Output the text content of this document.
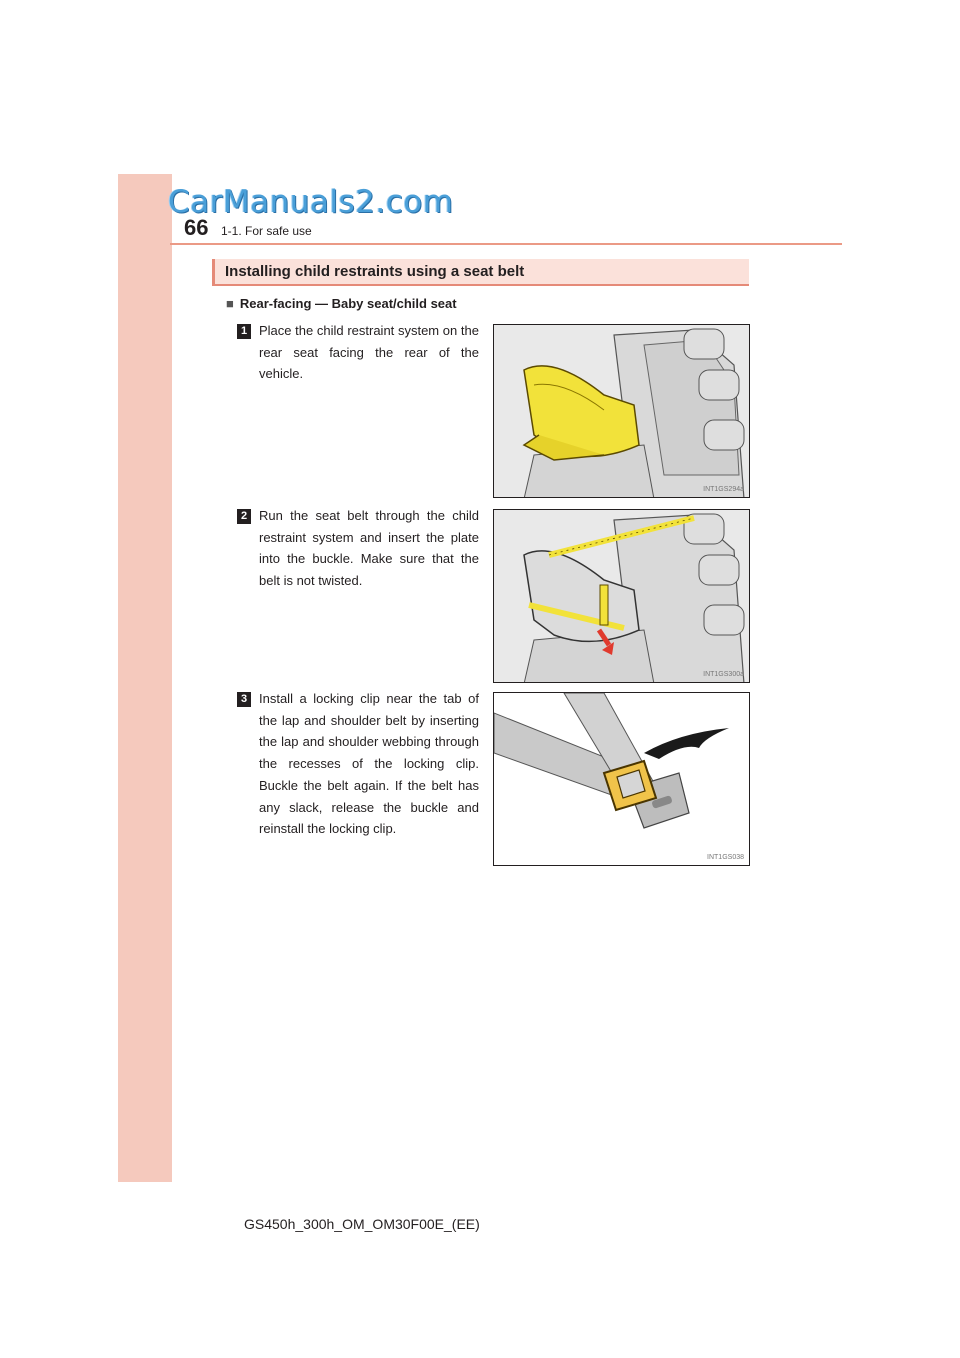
CarManuals2.com
66 1-1. For safe use
Installing child restraints using a seat belt
■ Rear-facing — Baby seat/child seat
1 Place the child restraint system on the rear seat facing the rear of the vehicle.
INT1GS294a
2 Run the seat belt through the child restraint system and insert the plate into the buckle. Make sure that the belt is not twisted.
INT1GS300a
3 Install a locking clip near the tab of the lap and shoulder belt by inserting the lap and shoulder webbing through the recesses of the locking clip. Buckle the belt again. If the belt has any slack, release the buckle and reinstall the locking clip.
INT1GS038
GS450h_300h_OM_OM30F00E_(EE)
